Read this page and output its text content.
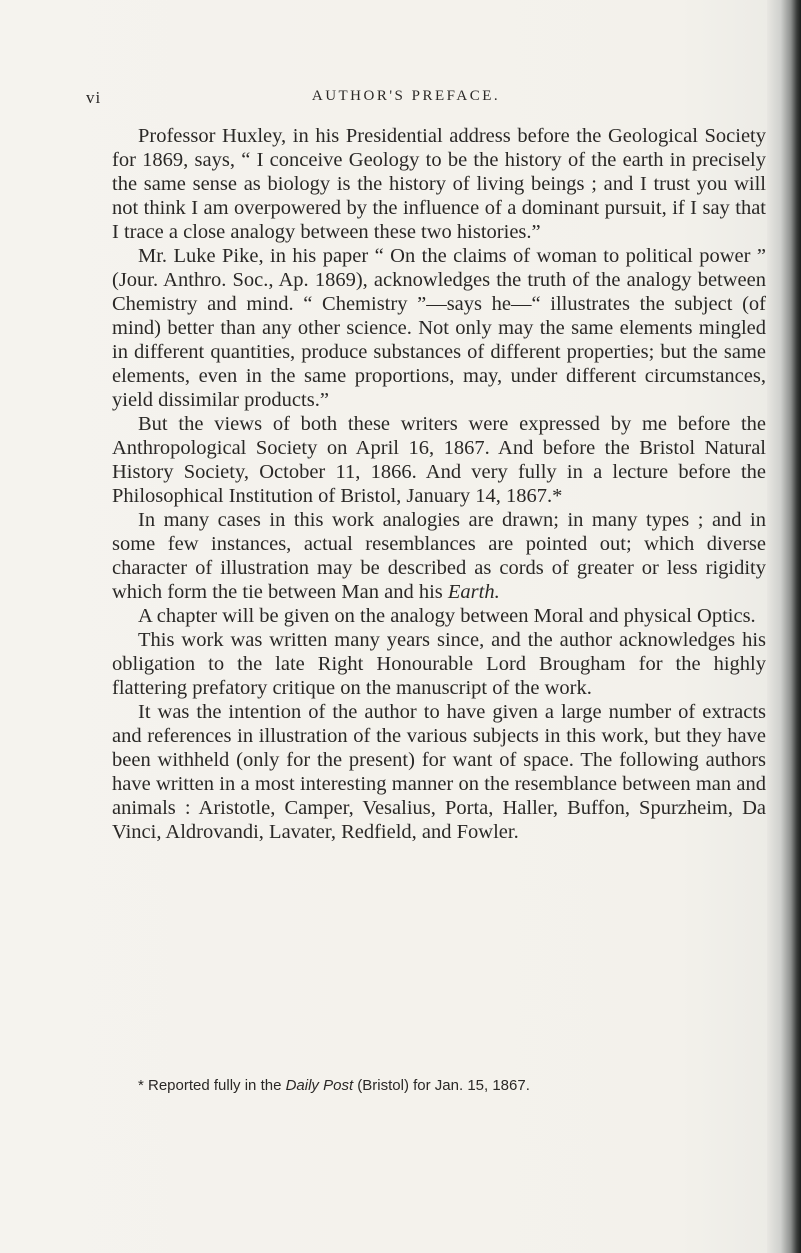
vi	AUTHOR'S PREFACE.

Professor Huxley, in his Presidential address before the Geological Society for 1869, says, “ I conceive Geology to be the history of the earth in precisely the same sense as biology is the history of living beings ; and I trust you will not think I am overpowered by the influence of a dominant pursuit, if I say that I trace a close analogy between these two histories.”

Mr. Luke Pike, in his paper “ On the claims of woman to political power ” (Jour. Anthro. Soc., Ap. 1869), acknowledges the truth of the analogy between Chemistry and mind. “ Chemistry ”—says he—“ illustrates the subject (of mind) better than any other science. Not only may the same elements mingled in different quantities, produce substances of different properties; but the same elements, even in the same proportions, may, under different circumstances, yield dissimilar products.”

But the views of both these writers were expressed by me before the Anthropological Society on April 16, 1867. And before the Bristol Natural History Society, October 11, 1866. And very fully in a lecture before the Philosophical Institution of Bristol, January 14, 1867.*

In many cases in this work analogies are drawn; in many types ; and in some few instances, actual resemblances are pointed out; which diverse character of illustration may be described as cords of greater or less rigidity which form the tie between Man and his Earth.

A chapter will be given on the analogy between Moral and physical Optics.

This work was written many years since, and the author acknowledges his obligation to the late Right Honourable Lord Brougham for the highly flattering prefatory critique on the manuscript of the work.

It was the intention of the author to have given a large number of extracts and references in illustration of the various subjects in this work, but they have been withheld (only for the present) for want of space. The following authors have written in a most interesting manner on the resemblance between man and animals : Aristotle, Camper, Vesalius, Porta, Haller, Buffon, Spurzheim, Da Vinci, Aldrovandi, Lavater, Redfield, and Fowler.

* Reported fully in the Daily Post (Bristol) for Jan. 15, 1867.
